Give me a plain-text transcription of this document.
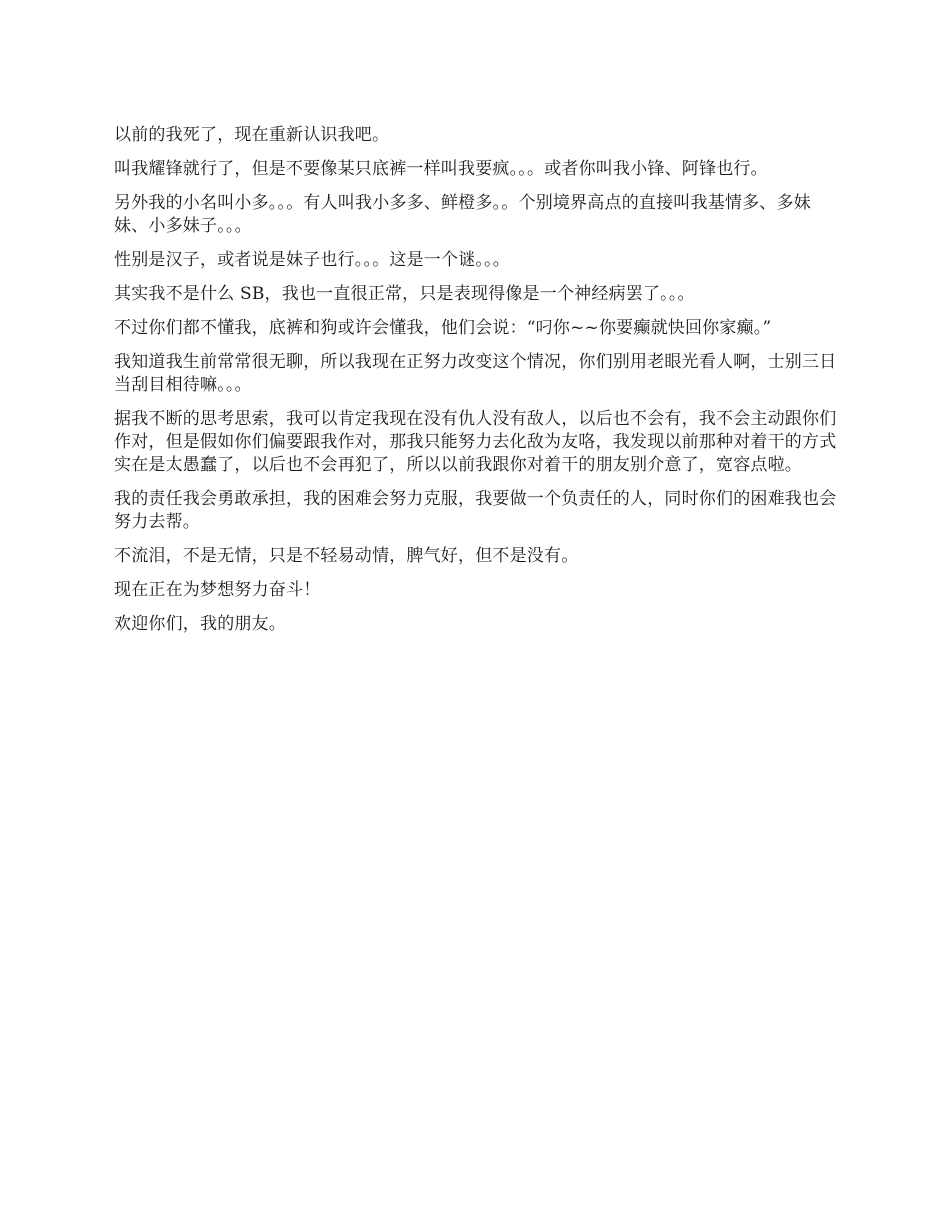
以前的我死了，现在重新认识我吧。

叫我耀锋就行了，但是不要像某只底裤一样叫我要疯。。。或者你叫我小锋、阿锋也行。

另外我的小名叫小多。。。有人叫我小多多、鲜橙多。。个别境界高点的直接叫我基情多、多妹妹、小多妹子。。。

性别是汉子，或者说是妹子也行。。。这是一个谜。。。

其实我不是什么 SB，我也一直很正常，只是表现得像是一个神经病罢了。。。

不过你们都不懂我，底裤和狗或许会懂我，他们会说：“叼你~~你要癫就快回你家癫。”

我知道我生前常常很无聊，所以我现在正努力改变这个情况，你们别用老眼光看人啊，士别三日当刮目相待嘛。。。

据我不断的思考思索，我可以肯定我现在没有仇人没有敌人，以后也不会有，我不会主动跟你们作对，但是假如你们偏要跟我作对，那我只能努力去化敌为友咯，我发现以前那种对着干的方式实在是太愚蠢了，以后也不会再犯了，所以以前我跟你对着干的朋友别介意了，宽容点啦。

我的责任我会勇敢承担，我的困难会努力克服，我要做一个负责任的人，同时你们的困难我也会努力去帮。

不流泪，不是无情，只是不轻易动情，脾气好，但不是没有。

现在正在为梦想努力奋斗！

欢迎你们，我的朋友。
